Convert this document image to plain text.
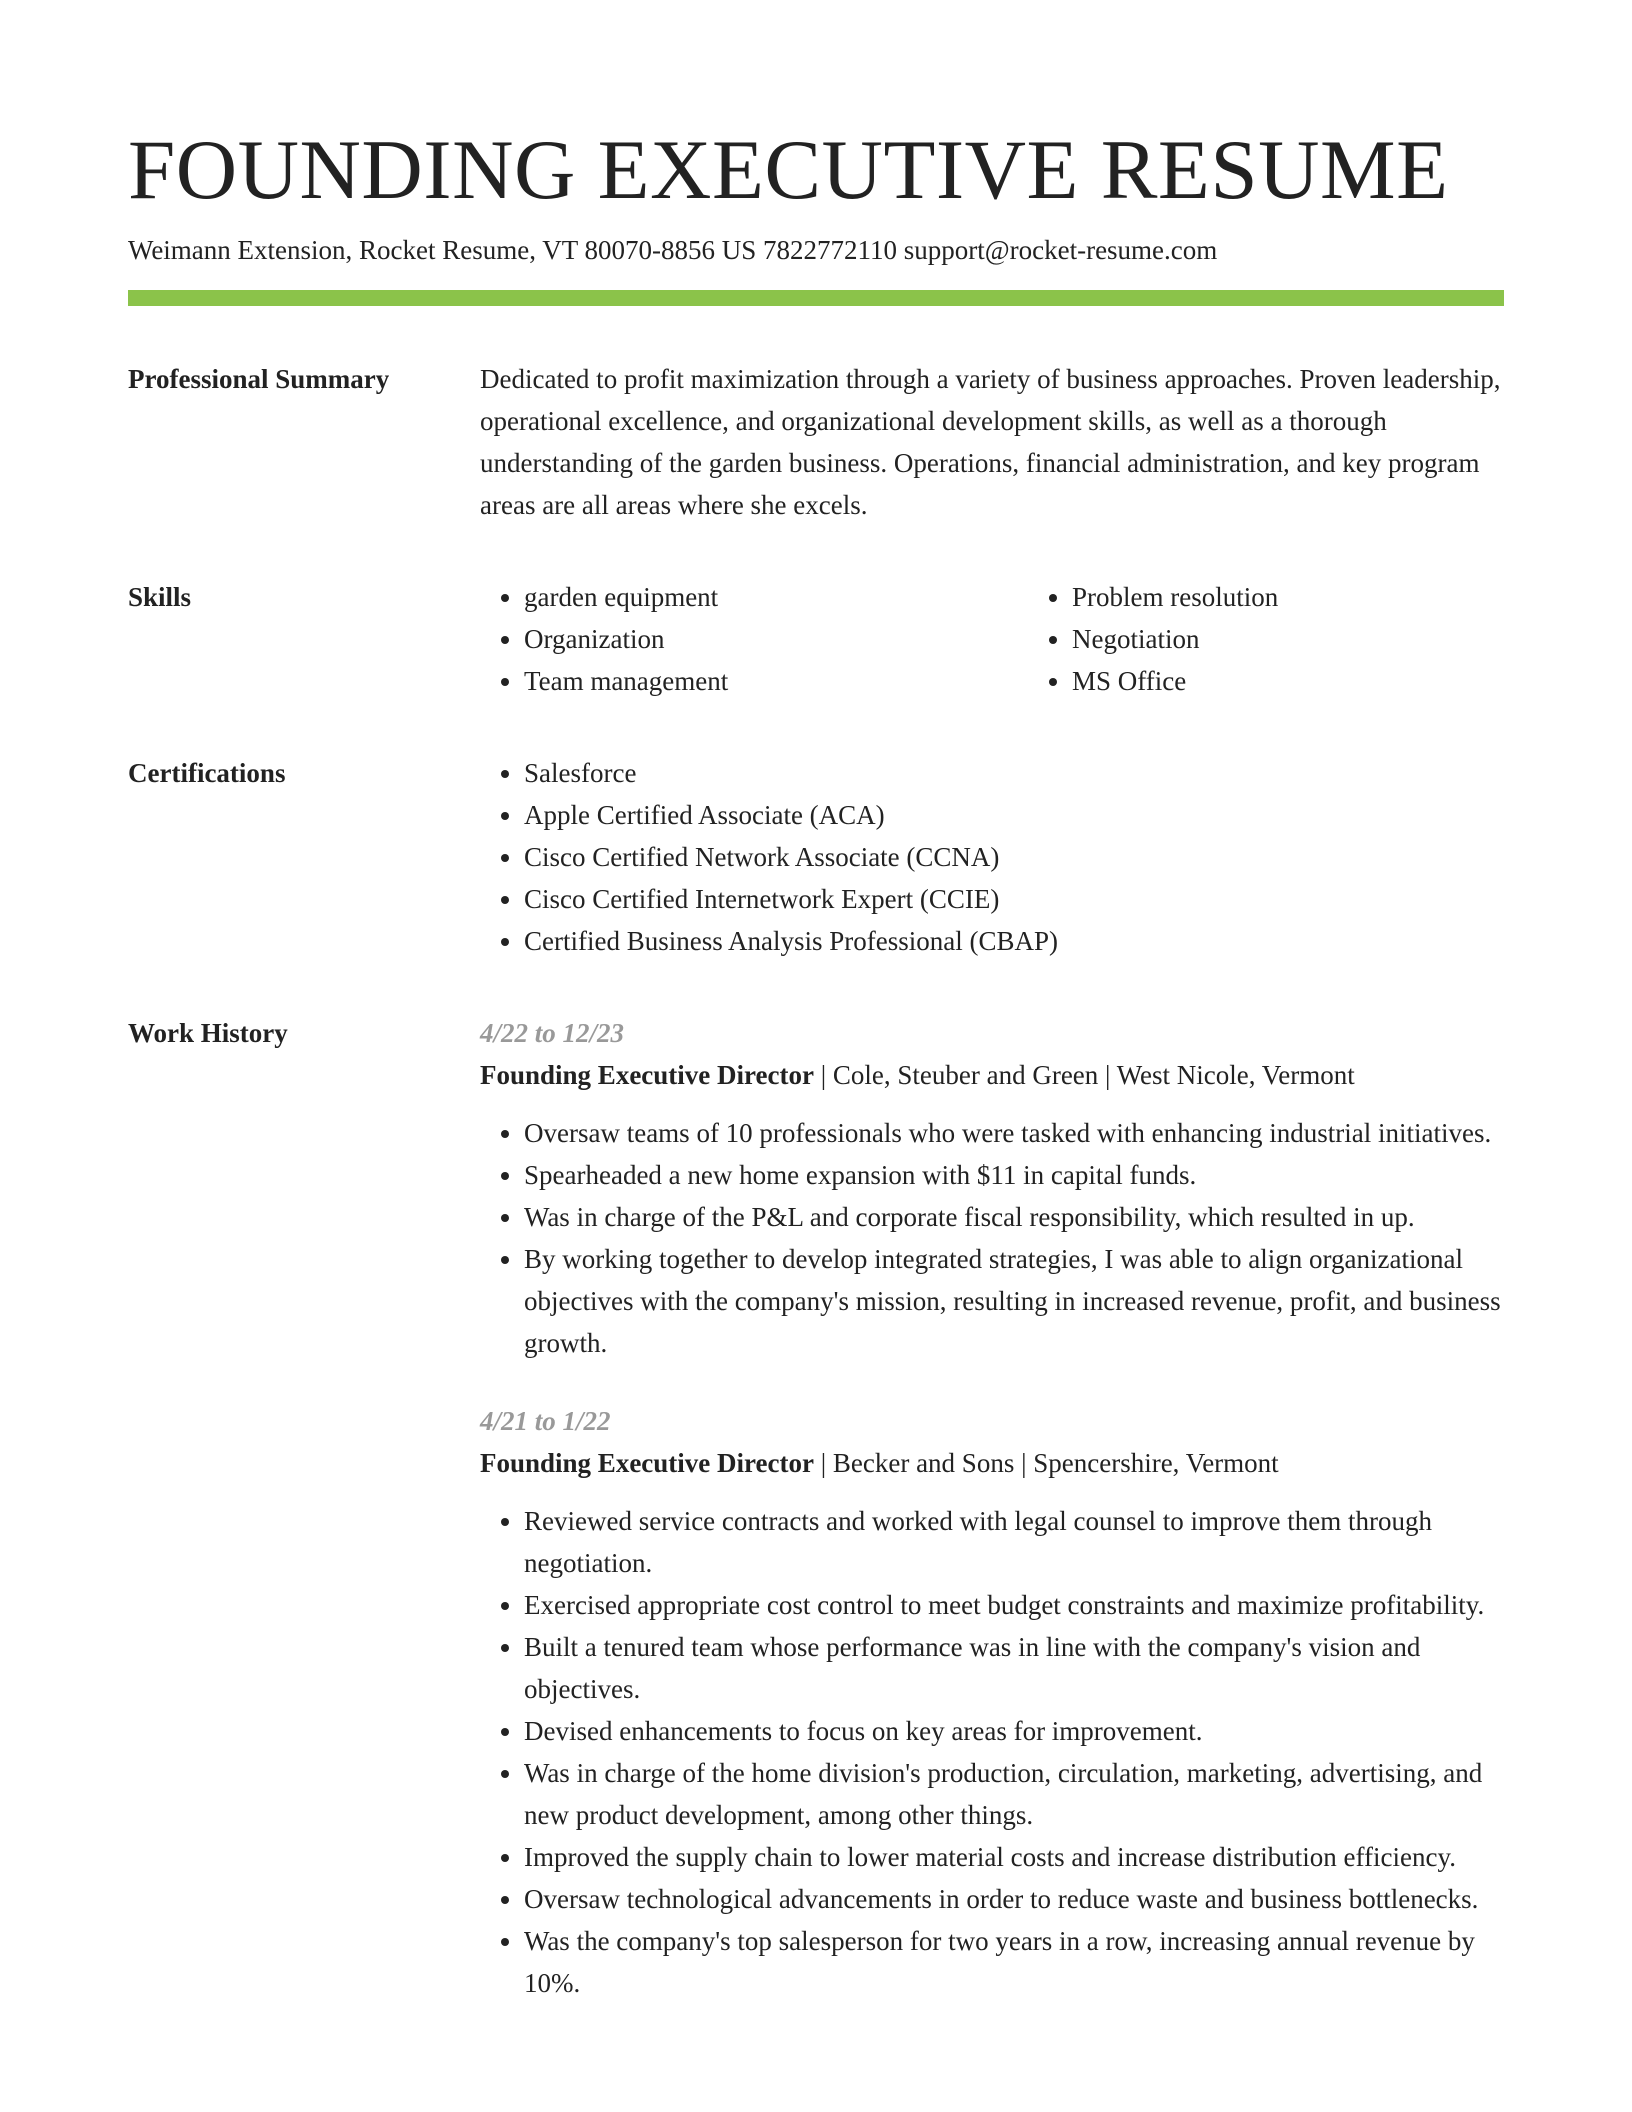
FOUNDING EXECUTIVE RESUME
Weimann Extension, Rocket Resume, VT 80070-8856 US 7822772110 support@rocket-resume.com
Professional Summary	Dedicated to profit maximization through a variety of business approaches. Proven leadership, operational excellence, and organizational development skills, as well as a thorough understanding of the garden business. Operations, financial administration, and key program areas are all areas where she excels.
Skills	• garden equipment
• Organization
• Team management
• Problem resolution
• Negotiation
• MS Office
Certifications	• Salesforce
• Apple Certified Associate (ACA)
• Cisco Certified Network Associate (CCNA)
• Cisco Certified Internetwork Expert (CCIE)
• Certified Business Analysis Professional (CBAP)
Work History	4/22 to 12/23
Founding Executive Director | Cole, Steuber and Green | West Nicole, Vermont
• Oversaw teams of 10 professionals who were tasked with enhancing industrial initiatives.
• Spearheaded a new home expansion with $11 in capital funds.
• Was in charge of the P&L and corporate fiscal responsibility, which resulted in up.
• By working together to develop integrated strategies, I was able to align organizational objectives with the company's mission, resulting in increased revenue, profit, and business growth.
4/21 to 1/22
Founding Executive Director | Becker and Sons | Spencershire, Vermont
• Reviewed service contracts and worked with legal counsel to improve them through negotiation.
• Exercised appropriate cost control to meet budget constraints and maximize profitability.
• Built a tenured team whose performance was in line with the company's vision and objectives.
• Devised enhancements to focus on key areas for improvement.
• Was in charge of the home division's production, circulation, marketing, advertising, and new product development, among other things.
• Improved the supply chain to lower material costs and increase distribution efficiency.
• Oversaw technological advancements in order to reduce waste and business bottlenecks.
• Was the company's top salesperson for two years in a row, increasing annual revenue by 10%.
